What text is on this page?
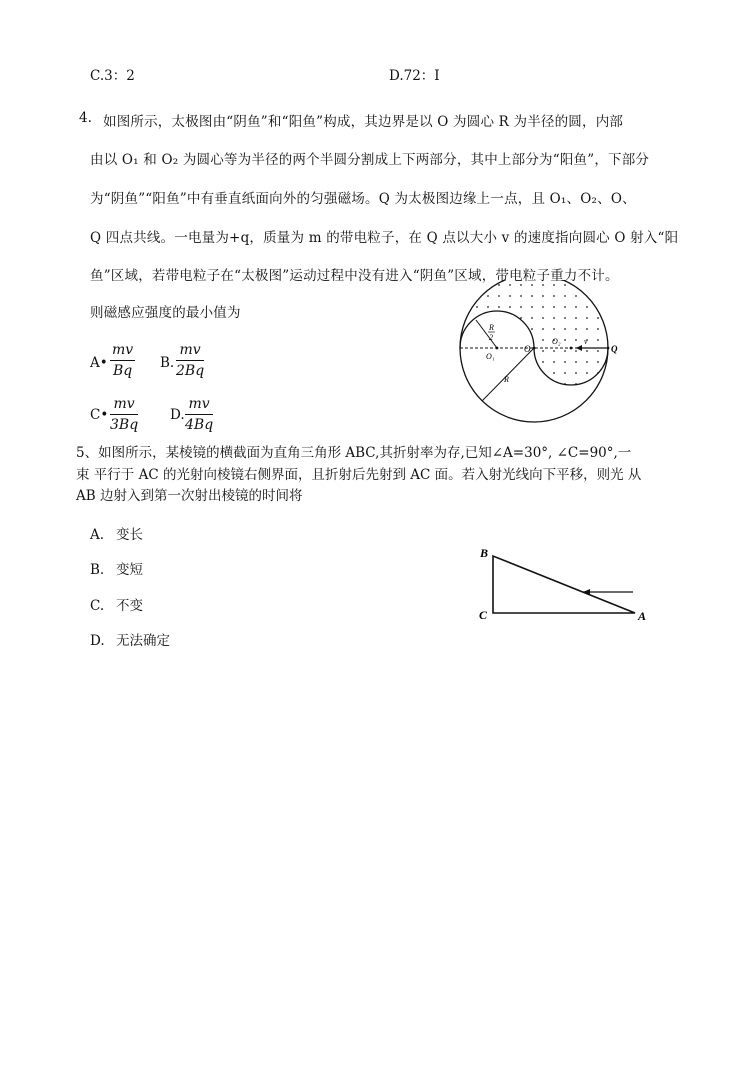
C.3：2	D.72：I
4. 如图所示，太极图由“阴鱼”和“阳鱼”构成，其边界是以 O 为圆心 R 为半径的圆，内部
由以 O₁ 和 O₂ 为圆心等为半径的两个半圆分割成上下两部分，其中上部分为“阳鱼”，下部分
为“阴鱼”“阳鱼”中有垂直纸面向外的匀强磁场。Q 为太极图边缘上一点，且 O₁、O₂、O、
Q 四点共线。一电量为+q，质量为 m 的带电粒子，在 Q 点以大小 v 的速度指向圆心 O 射入“阳
鱼”区域，若带电粒子在“太极图”运动过程中没有进入“阴鱼”区域，带电粒子重力不计。
则磁感应强度的最小值为
A• $\frac{mv}{Bq} B$. $\frac{mv}{2Bq}$
C• $\frac{mv}{3Bq} D$. $\frac{mv}{4Bq}$
R
2
O₁
O
O₂	v
Q
R
5、如图所示，某棱镜的横截面为直角三角形 ABC,其折射率为存,已知∠A=30°, ∠C=90°,一
束 平行于 AC 的光射向棱镜右侧界面，且折射后先射到 AC 面。若入射光线向下平移，则光 从
AB 边射入到第一次射出棱镜的时间将
A. 变长
B. 变短
C. 不变
D. 无法确定
B
C	A
